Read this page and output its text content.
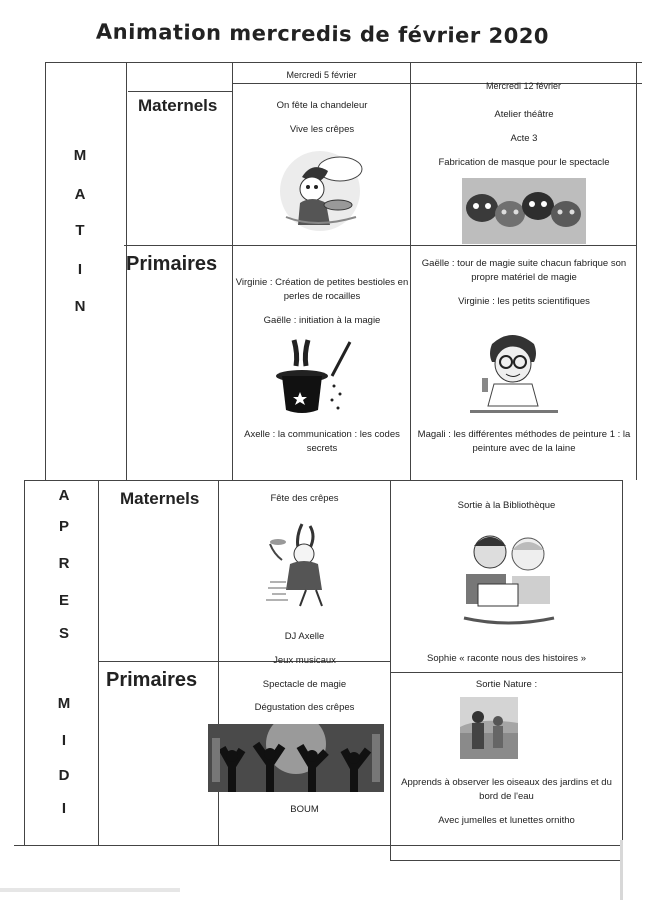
Animation mercredis de février 2020
Mercredi 5 février
Mercredi 12 février
M
A
T
I
N
A
P
R
E
S
M
I
D
I
Maternels
Primaires
Maternels
Primaires

On fête la chandeleur

Vive les crêpes

Atelier théâtre

Acte 3

Fabrication de masque pour le spectacle

Virginie : Création de petites bestioles en perles de rocailles

Gaëlle : initiation à la magie

Axelle : la communication : les codes secrets

Gaëlle : tour de magie suite chacun fabrique son propre matériel de magie

Virginie : les petits scientifiques

Magali : les différentes méthodes de peinture 1 : la peinture avec de la laine

Fête des crêpes

Sortie à la Bibliothèque

Sophie « raconte nous des histoires »

DJ Axelle

Jeux musicaux

Spectacle de magie

Dégustation des crêpes

BOUM

Sortie Nature :

Apprends à observer les oiseaux des jardins et du bord de l'eau

Avec jumelles et lunettes ornitho
